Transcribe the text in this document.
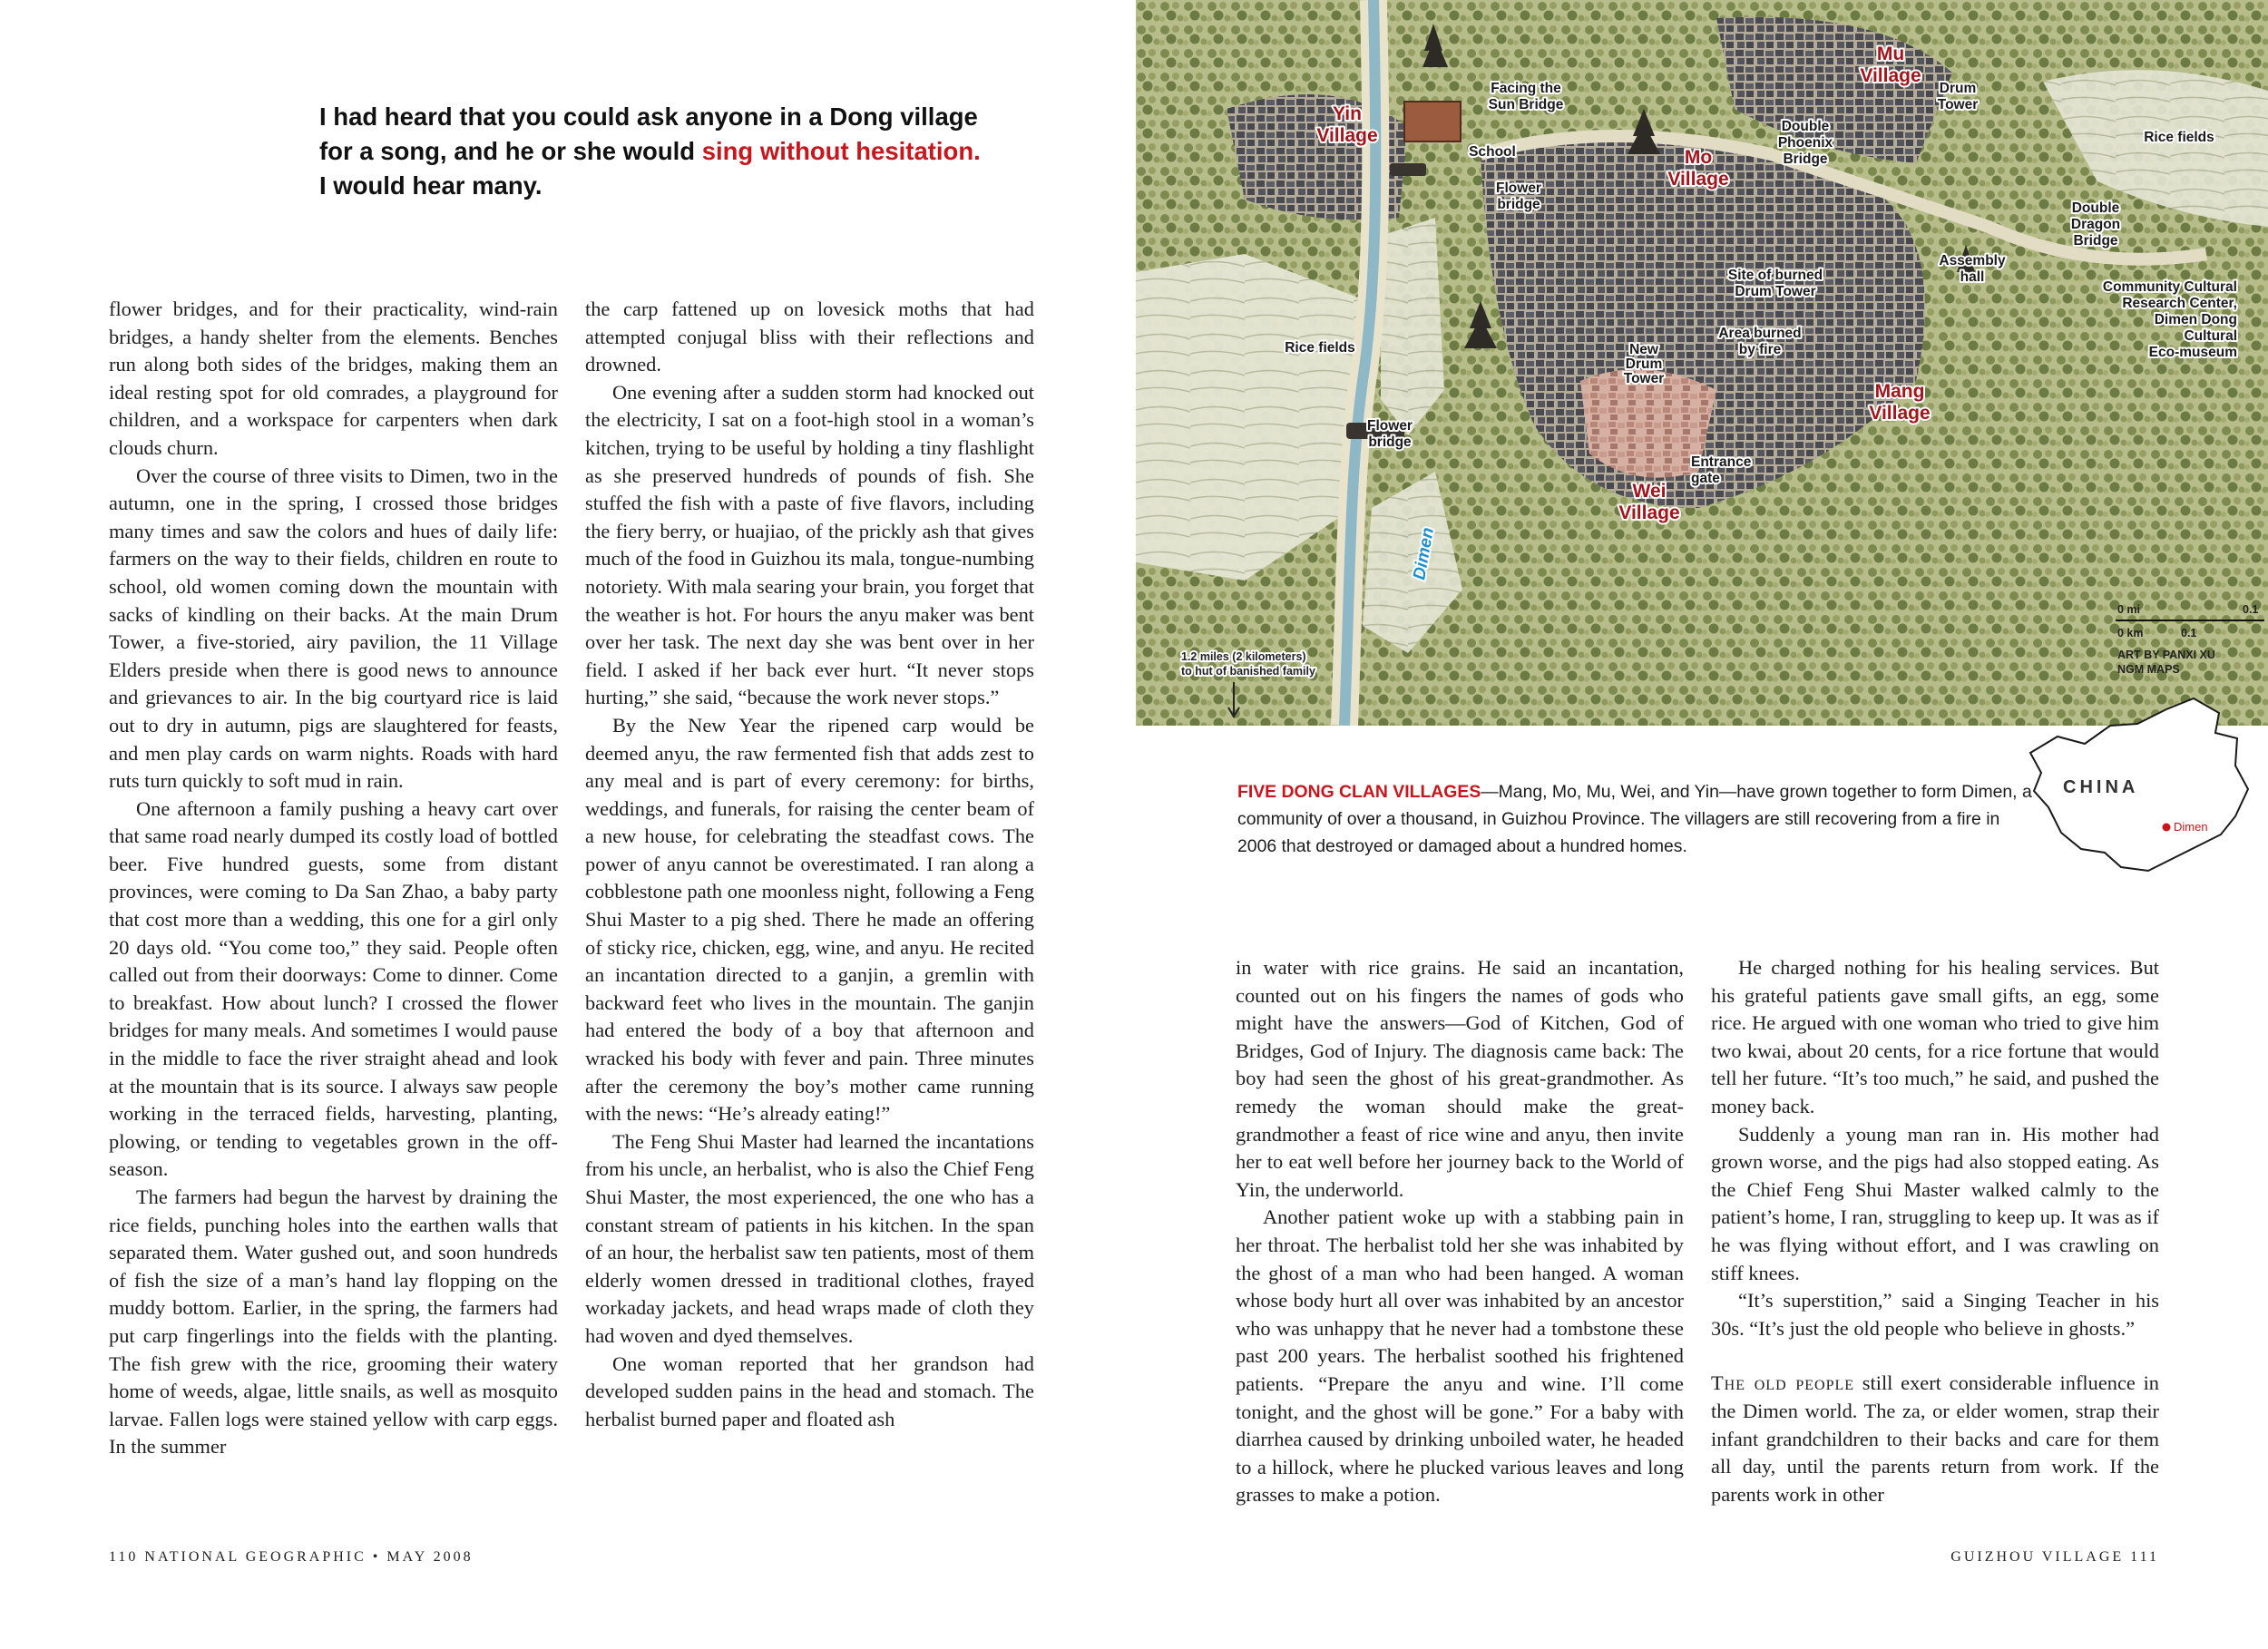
I had heard that you could ask anyone in a Dong village for a song, and he or she would sing without hesitation. I would hear many.

flower bridges, and for their practicality, wind-rain bridges, a handy shelter from the elements. Benches run along both sides of the bridges, making them an ideal resting spot for old comrades, a playground for children, and a workspace for carpenters when dark clouds churn.

Over the course of three visits to Dimen, two in the autumn, one in the spring, I crossed those bridges many times and saw the colors and hues of daily life: farmers on the way to their fields, children en route to school, old women coming down the mountain with sacks of kindling on their backs. At the main Drum Tower, a five-storied, airy pavilion, the 11 Village Elders preside when there is good news to announce and grievances to air. In the big courtyard rice is laid out to dry in autumn, pigs are slaughtered for feasts, and men play cards on warm nights. Roads with hard ruts turn quickly to soft mud in rain.

One afternoon a family pushing a heavy cart over that same road nearly dumped its costly load of bottled beer. Five hundred guests, some from distant provinces, were coming to Da San Zhao, a baby party that cost more than a wedding, this one for a girl only 20 days old. “You come too,” they said. People often called out from their doorways: Come to dinner. Come to breakfast. How about lunch? I crossed the flower bridges for many meals. And sometimes I would pause in the middle to face the river straight ahead and look at the mountain that is its source. I always saw people working in the terraced fields, harvesting, planting, plowing, or tending to vegetables grown in the off-season.

The farmers had begun the harvest by draining the rice fields, punching holes into the earthen walls that separated them. Water gushed out, and soon hundreds of fish the size of a man’s hand lay flopping on the muddy bottom. Earlier, in the spring, the farmers had put carp fingerlings into the fields with the planting. The fish grew with the rice, grooming their watery home of weeds, algae, little snails, as well as mosquito larvae. Fallen logs were stained yellow with carp eggs. In the summer

the carp fattened up on lovesick moths that had attempted conjugal bliss with their reflections and drowned.

One evening after a sudden storm had knocked out the electricity, I sat on a foot-high stool in a woman’s kitchen, trying to be useful by holding a tiny flashlight as she preserved hundreds of pounds of fish. She stuffed the fish with a paste of five flavors, including the fiery berry, or huajiao, of the prickly ash that gives much of the food in Guizhou its mala, tongue-numbing notoriety. With mala searing your brain, you forget that the weather is hot. For hours the anyu maker was bent over her task. The next day she was bent over in her field. I asked if her back ever hurt. “It never stops hurting,” she said, “because the work never stops.”

By the New Year the ripened carp would be deemed anyu, the raw fermented fish that adds zest to any meal and is part of every ceremony: for births, weddings, and funerals, for raising the center beam of a new house, for celebrating the steadfast cows. The power of anyu cannot be overestimated. I ran along a cobblestone path one moonless night, following a Feng Shui Master to a pig shed. There he made an offering of sticky rice, chicken, egg, wine, and anyu. He recited an incantation directed to a ganjin, a gremlin with backward feet who lives in the mountain. The ganjin had entered the body of a boy that afternoon and wracked his body with fever and pain. Three minutes after the ceremony the boy’s mother came running with the news: “He’s already eating!”

The Feng Shui Master had learned the incantations from his uncle, an herbalist, who is also the Chief Feng Shui Master, the most experienced, the one who has a constant stream of patients in his kitchen. In the span of an hour, the herbalist saw ten patients, most of them elderly women dressed in traditional clothes, frayed workaday jackets, and head wraps made of cloth they had woven and dyed themselves.

One woman reported that her grandson had developed sudden pains in the head and stomach. The herbalist burned paper and floated ash

in water with rice grains. He said an incantation, counted out on his fingers the names of gods who might have the answers—God of Kitchen, God of Bridges, God of Injury. The diagnosis came back: The boy had seen the ghost of his great-grandmother. As remedy the woman should make the great-grandmother a feast of rice wine and anyu, then invite her to eat well before her journey back to the World of Yin, the underworld.

Another patient woke up with a stabbing pain in her throat. The herbalist told her she was inhabited by the ghost of a man who had been hanged. A woman whose body hurt all over was inhabited by an ancestor who was unhappy that he never had a tombstone these past 200 years. The herbalist soothed his frightened patients. “Prepare the anyu and wine. I’ll come tonight, and the ghost will be gone.” For a baby with diarrhea caused by drinking unboiled water, he headed to a hillock, where he plucked various leaves and long grasses to make a potion.

He charged nothing for his healing services. But his grateful patients gave small gifts, an egg, some rice. He argued with one woman who tried to give him two kwai, about 20 cents, for a rice fortune that would tell her future. “It’s too much,” he said, and pushed the money back.

Suddenly a young man ran in. His mother had grown worse, and the pigs had also stopped eating. As the Chief Feng Shui Master walked calmly to the patient’s home, I ran, struggling to keep up. It was as if he was flying without effort, and I was crawling on stiff knees.

“It’s superstition,” said a Singing Teacher in his 30s. “It’s just the old people who believe in ghosts.”

The old people still exert considerable influence in the Dimen world. The za, or elder women, strap their infant grandchildren to their backs and care for them all day, until the parents return from work. If the parents work in other

110 NATIONAL GEOGRAPHIC • MAY 2008	GUIZHOU VILLAGE 111
Yin Village
Mu Village
Mo Village
Mang Village
Wei Village
Facing the Sun Bridge
School
Flower bridge
Double Phoenix Bridge
Drum Tower
Rice fields
Double Dragon Bridge
Assembly hall
Site of burned Drum Tower
Area burned by fire
New Drum Tower
Rice fields
Community Cultural Research Center, Dimen Dong Cultural Eco-museum
Flower bridge
Entrance gate
Dimen
1.2 miles (2 kilometers) to hut of banished family
0 mi	0.1
0 km	0.1
ART BY PANXI XU
NGM MAPS
FIVE DONG CLAN VILLAGES—Mang, Mo, Mu, Wei, and Yin—have grown together to form Dimen, a community of over a thousand, in Guizhou Province. The villagers are still recovering from a fire in 2006 that destroyed or damaged about a hundred homes.
CHINA
Dimen
